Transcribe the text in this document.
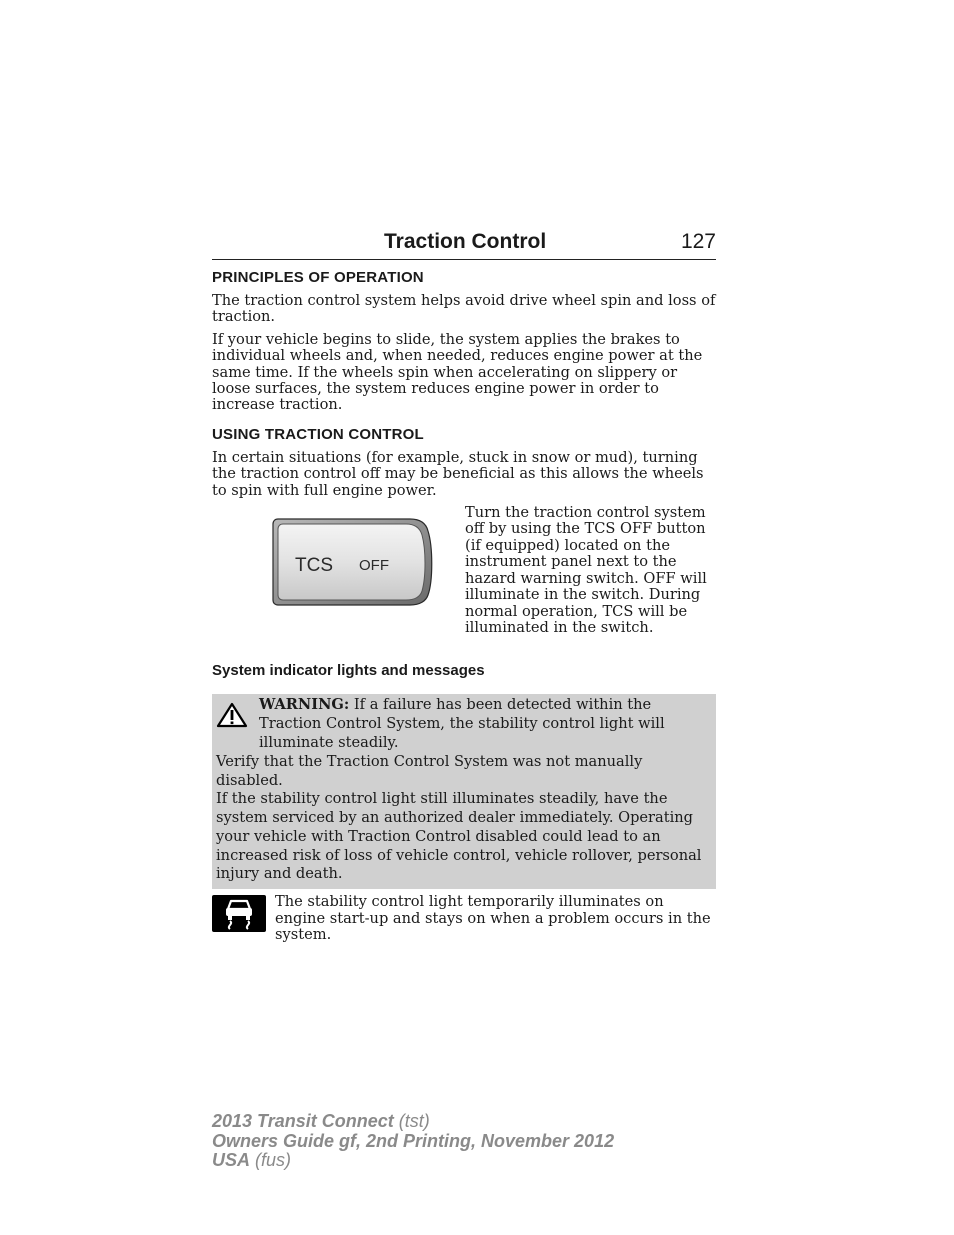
Traction Control	127
PRINCIPLES OF OPERATION

The traction control system helps avoid drive wheel spin and loss of traction.

If your vehicle begins to slide, the system applies the brakes to individual wheels and, when needed, reduces engine power at the same time. If the wheels spin when accelerating on slippery or loose surfaces, the system reduces engine power in order to increase traction.

USING TRACTION CONTROL

In certain situations (for example, stuck in snow or mud), turning the traction control off may be beneficial as this allows the wheels to spin with full engine power.

TCS OFF

Turn the traction control system off by using the TCS OFF button (if equipped) located on the instrument panel next to the hazard warning switch. OFF will illuminate in the switch. During normal operation, TCS will be illuminated in the switch.

System indicator lights and messages
WARNING: If a failure has been detected within the Traction Control System, the stability control light will illuminate steadily.
Verify that the Traction Control System was not manually disabled.
If the stability control light still illuminates steadily, have the system serviced by an authorized dealer immediately. Operating your vehicle with Traction Control disabled could lead to an increased risk of loss of vehicle control, vehicle rollover, personal injury and death.

The stability control light temporarily illuminates on engine start-up and stays on when a problem occurs in the system.

2013 Transit Connect (tst)
Owners Guide gf, 2nd Printing, November 2012
USA (fus)
